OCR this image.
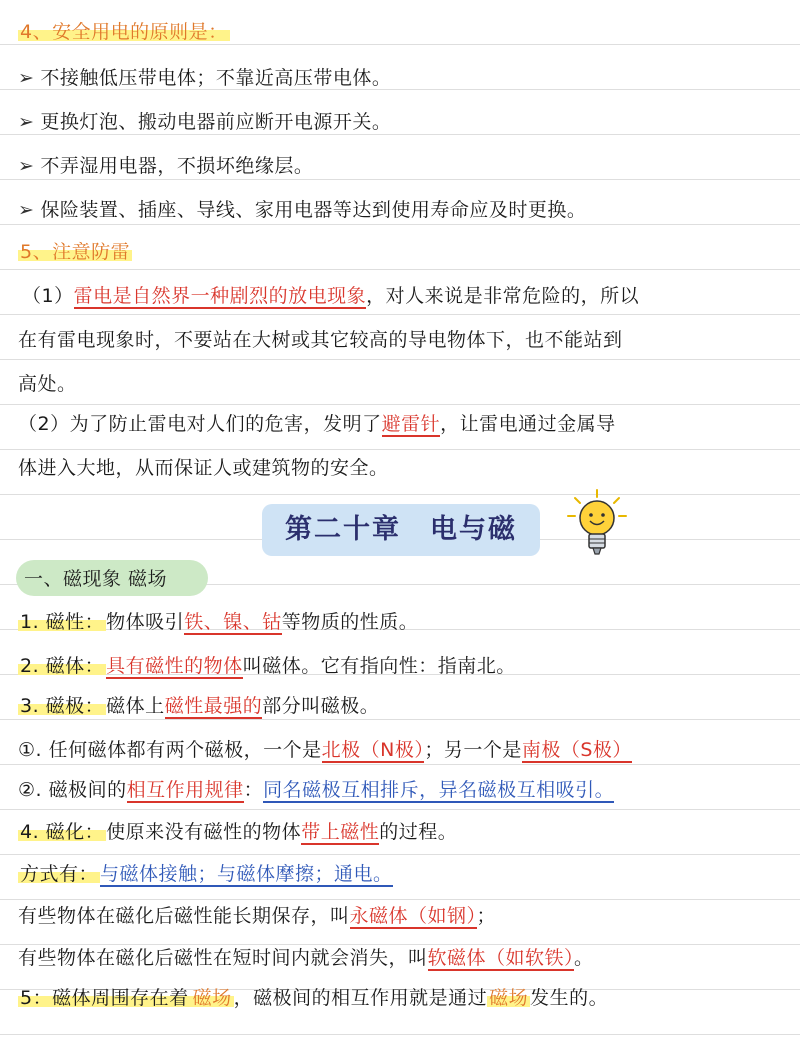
4、安全用电的原则是：
➢ 不接触低压带电体；不靠近高压带电体。
➢ 更换灯泡、搬动电器前应断开电源开关。
➢ 不弄湿用电器，不损坏绝缘层。
➢ 保险装置、插座、导线、家用电器等达到使用寿命应及时更换。
5、注意防雷
（1）雷电是自然界一种剧烈的放电现象，对人来说是非常危险的，所以
在有雷电现象时，不要站在大树或其它较高的导电物体下，也不能站到
高处。
（2）为了防止雷电对人们的危害，发明了避雷针，让雷电通过金属导
体进入大地，从而保证人或建筑物的安全。
第二十章　电与磁
一、磁现象 磁场
1. 磁性： 物体吸引铁、镍、钴等物质的性质。
2. 磁体： 具有磁性的物体叫磁体。它有指向性：指南北。
3. 磁极： 磁体上磁性最强的部分叫磁极。
①. 任何磁体都有两个磁极，一个是北极（N极）；另一个是南极（S极）
②. 磁极间的相互作用规律：同名磁极互相排斥，异名磁极互相吸引。
4. 磁化： 使原来没有磁性的物体带上磁性的过程。
方式有： 与磁体接触；与磁体摩擦；通电。
有些物体在磁化后磁性能长期保存，叫永磁体（如钢）；
有些物体在磁化后磁性在短时间内就会消失，叫软磁体（如软铁）。
5：磁体周围存在着 磁场 ，磁极间的相互作用就是通过 磁场 发生的。
